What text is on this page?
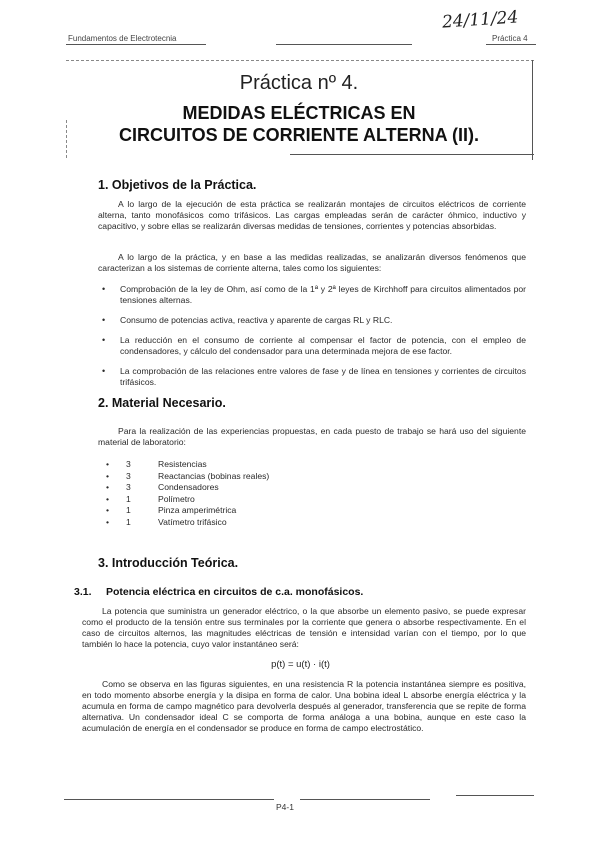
Fundamentos de Electrotecnia
24/11/24
Práctica 4
Práctica nº 4.
MEDIDAS ELÉCTRICAS EN
CIRCUITOS DE CORRIENTE ALTERNA (II).
1. Objetivos de la Práctica.
A lo largo de la ejecución de esta práctica se realizarán montajes de circuitos eléctricos de corriente alterna, tanto monofásicos como trifásicos. Las cargas empleadas serán de carácter óhmico, inductivo y capacitivo, y sobre ellas se realizarán diversas medidas de tensiones, corrientes y potencias absorbidas.
A lo largo de la práctica, y en base a las medidas realizadas, se analizarán diversos fenómenos que caracterizan a los sistemas de corriente alterna, tales como los siguientes:
• Comprobación de la ley de Ohm, así como de la 1ª y 2ª leyes de Kirchhoff para circuitos alimentados por tensiones alternas.
• Consumo de potencias activa, reactiva y aparente de cargas RL y RLC.
• La reducción en el consumo de corriente al compensar el factor de potencia, con el empleo de condensadores, y cálculo del condensador para una determinada mejora de ese factor.
• La comprobación de las relaciones entre valores de fase y de línea en tensiones y corrientes de circuitos trifásicos.
2. Material Necesario.
Para la realización de las experiencias propuestas, en cada puesto de trabajo se hará uso del siguiente material de laboratorio:
• 3	Resistencias
• 3	Reactancias (bobinas reales)
• 3	Condensadores
• 1	Polímetro
• 1	Pinza amperimétrica
• 1	Vatímetro trifásico
3. Introducción Teórica.
3.1. Potencia eléctrica en circuitos de c.a. monofásicos.
La potencia que suministra un generador eléctrico, o la que absorbe un elemento pasivo, se puede expresar como el producto de la tensión entre sus terminales por la corriente que genera o absorbe respectivamente. En el caso de circuitos alternos, las magnitudes eléctricas de tensión e intensidad varían con el tiempo, por lo que también lo hace la potencia, cuyo valor instantáneo será:
p(t) = u(t) · i(t)
Como se observa en las figuras siguientes, en una resistencia R la potencia instantánea siempre es positiva, en todo momento absorbe energía y la disipa en forma de calor. Una bobina ideal L absorbe energía eléctrica y la acumula en forma de campo magnético para devolverla después al generador, transferencia que se repite de forma alternativa. Un condensador ideal C se comporta de forma análoga a una bobina, aunque en este caso la acumulación de energía en el condensador se produce en forma de campo electrostático.
P4-1
